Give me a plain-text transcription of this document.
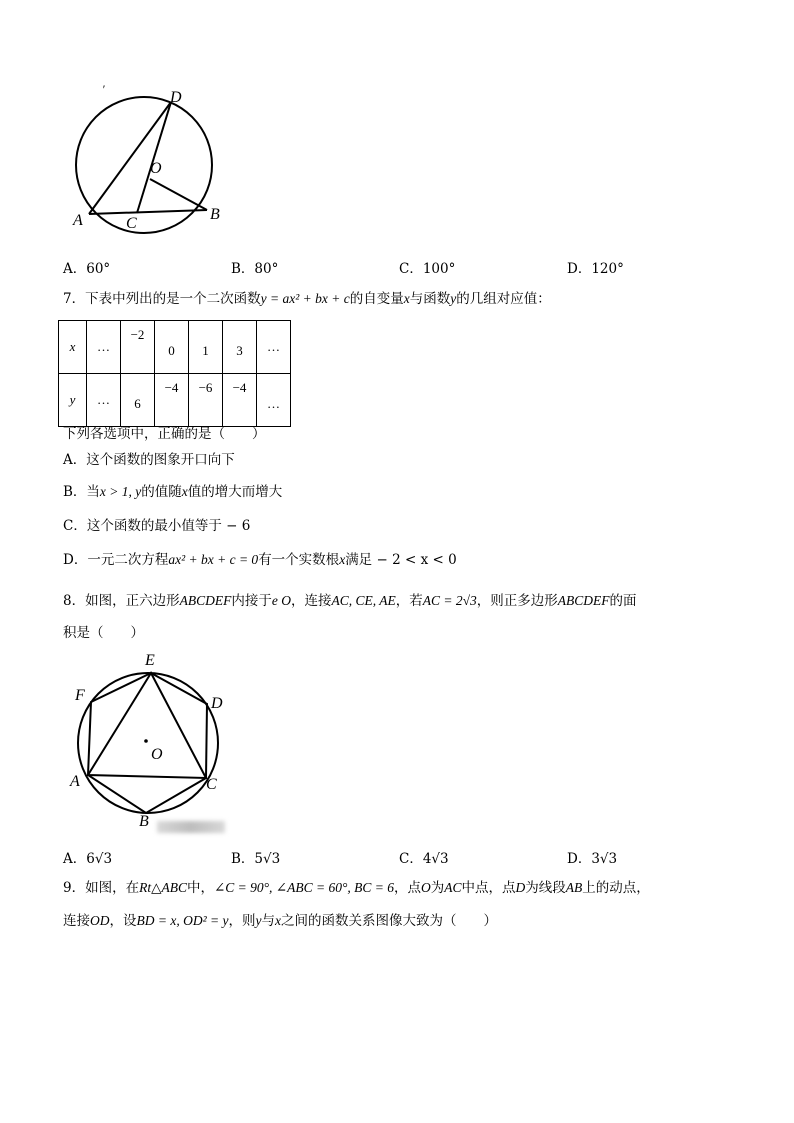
′	D
O
A	C
B
A．60°	B．80°	C．100°	D．120°
7．下表中列出的是一个二次函数y = ax² + bx + c的自变量x与函数y的几组对应值：
x	…	−2	0	1	3	…
y	…	6	−4	−6	−4	…
下列各选项中，正确的是（　　）
A．这个函数的图象开口向下
B．当x > 1, y的值随x值的增大而增大
C．这个函数的最小值等于 − 6
D．一元二次方程ax² + bx + c = 0有一个实数根x满足 − 2 < x < 0
8．如图，正六边形ABCDEF内接于e O，连接AC, CE, AE，若AC = 2√3，则正多边形ABCDEF的面
积是（　　）
E
F	D
O
A	C
B
A．6√3	B．5√3	C．4√3	D．3√3
9．如图，在Rt△ABC中，∠C = 90°, ∠ABC = 60°, BC = 6，点O为AC中点，点D为线段AB上的动点，
连接OD，设BD = x, OD² = y，则y与x之间的函数关系图像大致为（　　）
